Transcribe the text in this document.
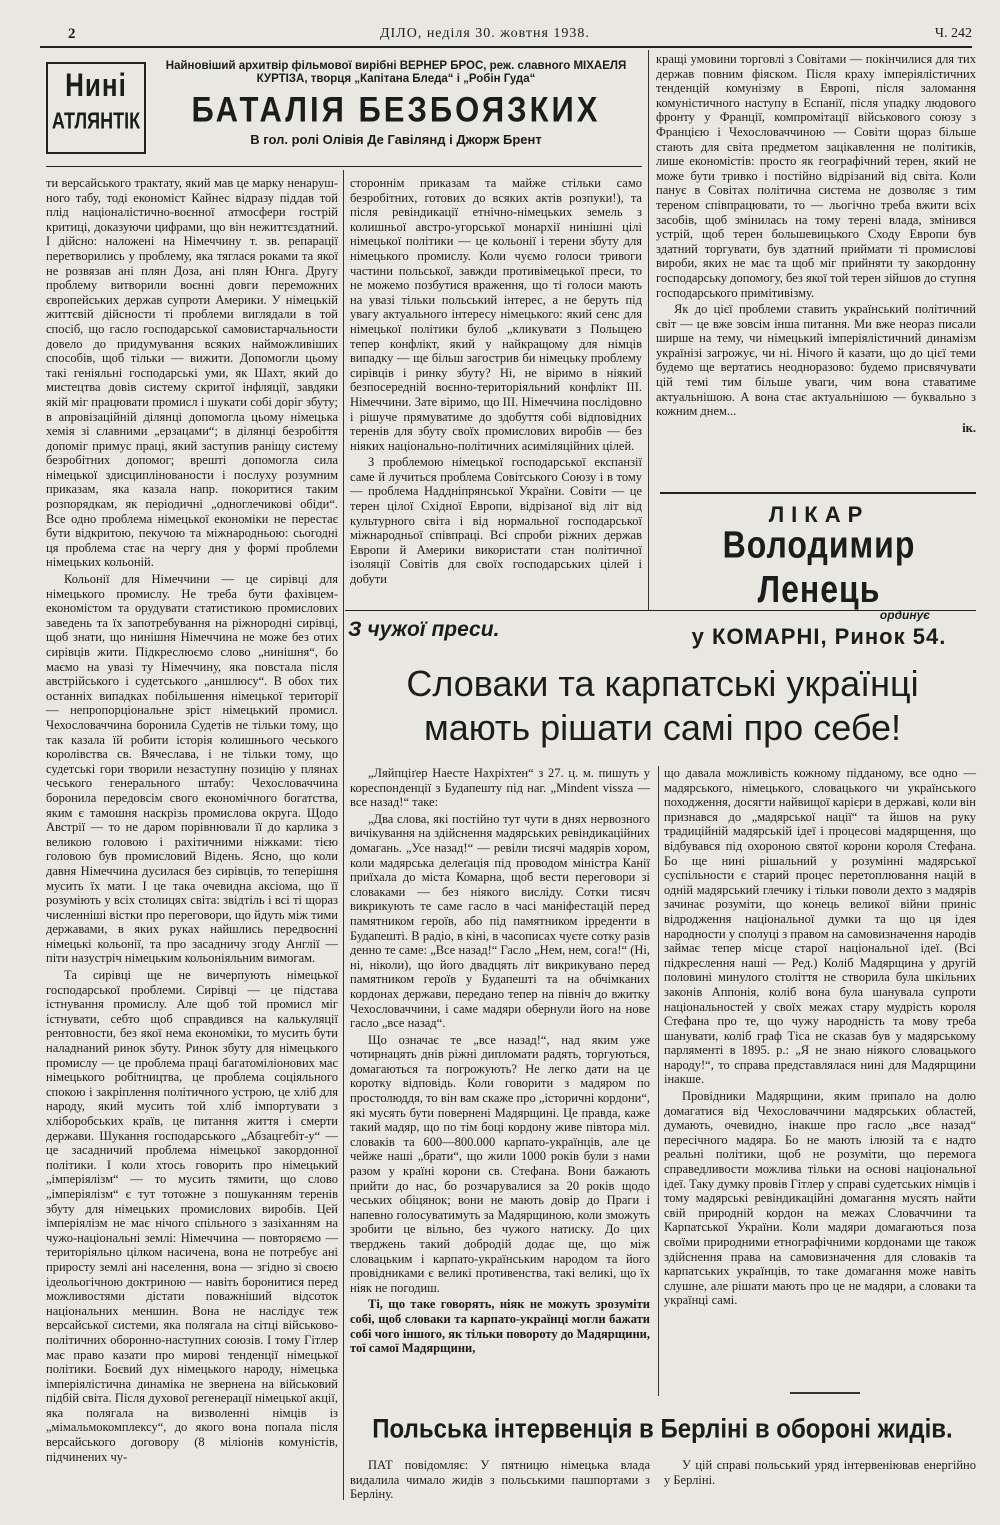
2	ДІЛО, неділя 30. жовтня 1938.	Ч. 242
Нині
АТЛЯНТІК
Найновіший архитвір фільмової вирібні ВЕРНЕР БРОС, реж. славного МІХАЕЛЯ
КУРТІЗА, творця „Капітана Бледа“ і „Робін Гуда“
БАТАЛІЯ БЕЗБОЯЗКИХ
В гол. ролі Олівія Де Гавілянд і Джорж Брент

ти версайського трактату, який мав це марку ненарушного табу, тоді економіст Кайнес відразу піддав той плід націоналістично-воєнної атмосфери гострій критиці, доказуючи цифрами, що він нежиттєздатний. І дійсно: наложені на Німеччину т. зв. репарації перетворились у проблему, яка тяглася роками та якої не розвязав ані плян Доза, ані плян Юнга. Другу проблему витворили воєнні довги переможних європейських держав супроти Америки. У німецькій життєвій дійсности ті проблеми виглядали в той спосіб, що гасло господарської самовистарчальности довело до придумування всяких найможливіших способів, щоб тільки — вижити. Допомогли цьому такі геніяльні господарські уми, як Шахт, який до мистецтва довів систему скритої інфляції, завдяки якій міг працювати промисл і шукати собі доріг збуту; в апровізаційній ділянці допомогла цьому німецька хемія зі славними „ерзацами“; в ділянці безробіття допоміг примус праці, який заступив раніщу систему безробітних допомог; врешті допомогла сила німецької здисциплінованости і послуху розумним приказам, яка казала напр. покоритися таким розпорядкам, як періодичні „одноглечикові обіди“. Все одно проблема німецької економіки не перестає бути відкритою, пекучою та міжнародньою: сьогодні ця проблема стає на чергу дня у формі проблеми німецьких кольоній.

Кольонії для Німеччини — це сирівці для німецького промислу. Не треба бути фахівцем-економістом та орудувати статистикою промислових заведень та їх запотребування на ріжнородні сирівці, щоб знати, що нинішня Німеччина не може без отих сирівців жити. Підкреслюємо слово „нинішня“, бо маємо на увазі ту Німеччину, яка повстала після австрійського і судетського „аншлюсу“. В обох тих останніх випадках побільшення німецької території — непропорціональне зріст німецький промисл. Чехословаччина боронила Судетів не тільки тому, що так казала їй робити історія колишнього чеського королівства св. Вячеслава, і не тільки тому, що судетські гори творили незаступну позицію у плянах чеського генерального штабу: Чехословаччина боронила передовсім свого економічного богатства, яким є тамошня наскрізь промислова округа. Щодо Австрії — то не даром порівнювали її до карлика з великою головою і рахітичними ніжками: тією головою був промисловий Відень. Ясно, що коли давня Німеччина дусилася без сирівців, то теперішня мусить їх мати. І це така очевидна аксіома, що її розуміють у всіх столицях світа: звідтіль і всі ті щораз численніші вістки про переговори, що йдуть між тими державами, в яких руках найшлись передвоєнні німецькі кольонії, та про засадничу згоду Англії — піти назустріч німецьким кольоніяльним вимогам.

Та сирівці ще не вичерпують німецької господарської проблеми. Сирівці — це підстава істнування промислу. Але щоб той промисл міг істнувати, себто щоб справдився на калькуляції рентовности, без якої нема економіки, то мусить бути наладнаний ринок збуту. Ринок збуту для німецького промислу — це проблема праці багатоміліонових мас німецького робітництва, це проблема соціяльного спокою і закріплення політичного устрою, це хліб для народу, який мусить той хліб імпортувати з хліборобських країв, це питання життя і смерти держави. Шукання господарського „Абзацгебіт-у“ — це засадничий проблема німецької закордонної політики. І коли хтось говорить про німецький „імперіялізм“ — то мусить тямити, що слово „імперіялізм“ є тут тотожне з пошуканням теренів збуту для німецьких промислових виробів. Цей імперіялізм не має нічого спільного з зазіханням на чужо-національні землі: Німеччина — повторяємо — територіяльно цілком насичена, вона не потребує ані приросту землі ані населення, вона — згідно зі своєю ідеольогічною доктриною — навіть боронитися перед можливостями дістати поважніший відсоток національних меншин. Вона не наслідує теж версайської системи, яка полягала на сітці військово-політичних оборонно-наступних союзів. І тому Гітлер має право казати про мирові тенденції німецької політики. Боєвий дух німецького народу, німецька імперіялістична динаміка не звернена на військовий підбій світа. Після духової регенерації німецької акції, яка полягала на визволенні німців із „мімальмокомплексу“, до якого вона попала після версайського договору (8 міліонів комуністів, підчинених чу-

стороннім приказам та майже стільки само безробітних, готових до всяких актів розпуки!), та після ревіндикації етнічно-німецьких земель з колишньої австро-угорської монархії нинішні цілі німецької політики — це кольонії і терени збуту для німецького промислу. Коли чуємо голоси тривоги частини польської, завжди противімецької преси, то не можемо позбутися враження, що ті голоси мають на увазі тільки польський інтерес, а не беруть під увагу актуального інтересу німецького: який сенс для німецької політики булоб „кликувати з Польщею тепер конфлікт, який у найкращому для німців випадку — ще більш загострив би німецьку проблему сирівців і ринку збуту? Ні, не віримо в ніякий безпосередній воєнно-територіяльний конфлікт ІІІ. Німеччини. Зате віримо, що ІІІ. Німеччина послідовно і рішуче прямуватиме до здобуття собі відповідних теренів для збуту своїх промислових виробів — без ніяких національно-політичних асиміляційних цілей.

З проблемою німецької господарської експанзії саме й лучиться проблема Совітського Союзу і в тому — проблема Наддніпрянської України. Совіти — це терен цілої Східної Европи, відрізаної від літ від культурного світа і від нормальної господарської міжнародньої співпраці. Всі спроби ріжних держав Европи й Америки використати стан політичної ізоляції Совітів для своїх господарських цілей і добути

кращі умовини торговлі з Совітами — покінчилися для тих держав повним фіяском. Після краху імперіялістичних тенденцій комунізму в Европі, після заломання комуністичного наступу в Еспанії, після упадку людового фронту у Франції, компромітації військового союзу з Францією і Чехословаччиною — Совіти щораз більше стають для світа предметом зацікавлення не політиків, лише економістів: просто як географічний терен, який не може бути тривко і постійно відрізаний від світа. Коли панує в Совітах політична система не дозволяє з тим тереном співпрацювати, то — льогічно треба вжити всіх засобів, щоб змінилась на тому терені влада, змінився устрій, щоб терен большевицького Сходу Европи був здатний торгувати, був здатний приймати ті промислові вироби, яких не має та щоб міг прийняти ту закордонну господарську допомогу, без якої той терен зійшов до ступня господарського примітивізму.

Як до цієї проблеми ставить український політичний світ — це вже зовсім інша питання. Ми вже неораз писали ширше на тему, чи німецький імперіялістичний динамізм українізі загрожує, чи ні. Нічого й казати, що до цієї теми будемо ще вертатись неодноразово: будемо присвячувати цій темі тим більше уваги, чим вона ставатиме актуальнішою. А вона стає актуальнішою — буквально з кожним днем...

ік.

ЛІКАР
Володимир Ленець
ординує
у КОМАРНІ, Ринок 54.
З чужої преси.
Словаки та карпатські українці
мають рішати самі про себе!

„Ляйпціґер Наесте Нахріхтен“ з 27. ц. м. пишуть у кореспонденції з Будапешту під наг. „Mindent vissza — все назад!“ таке:

„Два слова, які постійно тут чути в днях нервозного вичікування на здійснення мадярських ревіндикаційних домагань. „Усе назад!“ — ревіли тисячі мадярів хором, коли мадярська делеґація під проводом міністра Канії приїхала до міста Комарна, щоб вести переговори зі словаками — без ніякого висліду. Сотки тисяч викрикують те саме гасло в часі маніфестацій перед памятником героїв, або під памятником ірреденти в Будапешті. В радіо, в кіні, в часописах чуєте сотку разів денно те саме: „Все назад!“ Гасло „Нем, нем, сога!“ (Ні, ні, ніколи), що його двадцять літ викрикувано перед памятником героїв у Будапешті та на обчімканих кордонах держави, передано тепер на північ до вжитку Чехословаччини, і саме мадяри обернули його на нове гасло „все назад“.

Що означає те „все назад!“, над яким уже чотирнацять днів ріжні дипломати радять, торгуються, домагаються та погрожують? Не легко дати на це коротку відповідь. Коли говорити з мадяром по простолюддя, то він вам скаже про „історичні кордони“, які мусять бути повернені Мадярщині. Це правда, каже такий мадяр, що по тім боці кордону живе півтора міл. словаків та 600—800.000 карпато-українців, але це чейже наші „брати“, що жили 1000 років були з нами разом у країні корони св. Стефана. Вони бажають прийти до нас, бо розчарувалися за 20 років щодо чеських обіцянок; вони не мають довір до Праги і напевно голосуватимуть за Мадярщиною, коли зможуть зробити це вільно, без чужого натиску. До цих тверджень такий добродій додає ще, що між словацьким і карпато-українським народом та його провідниками є великі противенства, такі великі, що їх ніяк не погодиш.

Ті, що таке говорять, ніяк не можуть зрозуміти собі, щоб словаки та карпато-українці могли бажати собі чого іншого, як тільки повороту до Мадярщини, тої самої Мадярщини,

що давала можливість кожному підданому, все одно — мадярського, німецького, словацького чи українського походження, досягти найвищої карієри в державі, коли він признався до „мадярської нації“ та йшов на руку традиційній мадярській ідеї і процесові мадярщення, що відбувався під охороною святої корони короля Стефана. Бо ще нині рішальний у розумінні мадярської суспільности є старий процес перетоплювання націй в одній мадярський глечику і тільки поволи дехто з мадярів зачинає розуміти, що конець великої війни приніс відродження національної думки та що ця ідея народности у сполуці з правом на самовизначення народів займає тепер місце старої національної ідеї. (Всі підкреслення наші — Ред.) Коліб Мадярщина у другій половині минулого століття не створила була шкільних законів Аппонія, коліб вона була шанувала супроти національностей у своїх межах стару мудрість короля Стефана про те, що чужу народність та мову треба шанувати, коліб граф Тіса не сказав був у мадярському парляменті в 1895. р.: „Я не знаю ніякого словацького народу!“, то справа представлялася нині для Мадярщини інакше.

Провідники Мадярщини, яким припало на долю домагатися від Чехословаччини мадярських областей, думають, очевидно, інакше про гасло „все назад“ пересічного мадяра. Бо не мають ілюзій та є надто реальні політики, щоб не розуміти, що перемога справедливости можлива тільки на основі національної ідеї. Таку думку провів Гітлер у справі судетських німців і тому мадярські ревіндикаційні домагання мусять найти свій природній кордон на межах Словаччини та Карпатської України. Коли мадяри домагаються поза своїми природними етнографічними кордонами ще також здійснення права на самовизначення для словаків та карпатських українців, то таке домагання може навіть слушне, але рішати мають про це не мадяри, а словаки та українці самі.

Польська інтервенція в Берліні в обороні жидів.

ПАТ повідомляє: У пятницю німецька влада видалила чимало жидів з польськими пашпортами з Берліну.

У цій справі польський уряд інтервеніював енергійно у Берліні.
